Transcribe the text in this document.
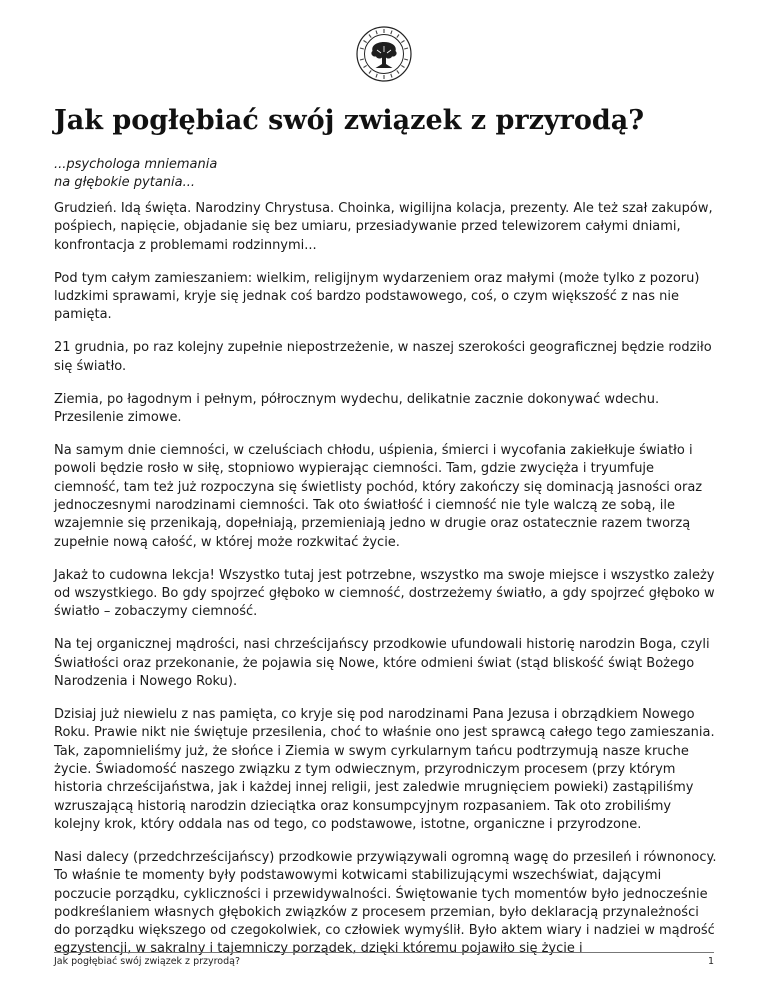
Jak pogłębiać swój związek z przyrodą?
...psychologa mniemania
na głębokie pytania...

Grudzień. Idą święta. Narodziny Chrystusa. Choinka, wigilijna kolacja, prezenty. Ale też szał zakupów, pośpiech, napięcie, objadanie się bez umiaru, przesiadywanie przed telewizorem całymi dniami, konfrontacja z problemami rodzinnymi...

Pod tym całym zamieszaniem: wielkim, religijnym wydarzeniem oraz małymi (może tylko z pozoru) ludzkimi sprawami, kryje się jednak coś bardzo podstawowego, coś, o czym większość z nas nie pamięta.

21 grudnia, po raz kolejny zupełnie niepostrzeżenie, w naszej szerokości geograficznej będzie rodziło się światło.

Ziemia, po łagodnym i pełnym, półrocznym wydechu, delikatnie zacznie dokonywać wdechu. Przesilenie zimowe.

Na samym dnie ciemności, w czeluściach chłodu, uśpienia, śmierci i wycofania zakiełkuje światło i powoli będzie rosło w siłę, stopniowo wypierając ciemności. Tam, gdzie zwycięża i tryumfuje ciemność, tam też już rozpoczyna się świetlisty pochód, który zakończy się dominacją jasności oraz jednoczesnymi narodzinami ciemności. Tak oto światłość i ciemność nie tyle walczą ze sobą, ile wzajemnie się przenikają, dopełniają, przemieniają jedno w drugie oraz ostatecznie razem tworzą zupełnie nową całość, w której może rozkwitać życie.

Jakaż to cudowna lekcja! Wszystko tutaj jest potrzebne, wszystko ma swoje miejsce i wszystko zależy od wszystkiego. Bo gdy spojrzeć głęboko w ciemność, dostrzeżemy światło, a gdy spojrzeć głęboko w światło – zobaczymy ciemność.

Na tej organicznej mądrości, nasi chrześcijańscy przodkowie ufundowali historię narodzin Boga, czyli Światłości oraz przekonanie, że pojawia się Nowe, które odmieni świat (stąd bliskość świąt Bożego Narodzenia i Nowego Roku).

Dzisiaj już niewielu z nas pamięta, co kryje się pod narodzinami Pana Jezusa i obrządkiem Nowego Roku. Prawie nikt nie świętuje przesilenia, choć to właśnie ono jest sprawcą całego tego zamieszania. Tak, zapomnieliśmy już, że słońce i Ziemia w swym cyrkularnym tańcu podtrzymują nasze kruche życie. Świadomość naszego związku z tym odwiecznym, przyrodniczym procesem (przy którym historia chrześcijaństwa, jak i każdej innej religii, jest zaledwie mrugnięciem powieki) zastąpiliśmy wzruszającą historią narodzin dzieciątka oraz konsumpcyjnym rozpasaniem. Tak oto zrobiliśmy kolejny krok, który oddala nas od tego, co podstawowe, istotne, organiczne i przyrodzone.

Nasi dalecy (przedchrześcijańscy) przodkowie przywiązywali ogromną wagę do przesileń i równonocy. To właśnie te momenty były podstawowymi kotwicami stabilizującymi wszechświat, dającymi poczucie porządku, cykliczności i przewidywalności. Świętowanie tych momentów było jednocześnie podkreślaniem własnych głębokich związków z procesem przemian, było deklaracją przynależności do porządku większego od czegokolwiek, co człowiek wymyślił. Było aktem wiary i nadziei w mądrość egzystencji, w sakralny i tajemniczy porządek, dzięki któremu pojawiło się życie i

Jak pogłębiać swój związek z przyrodą?	1
